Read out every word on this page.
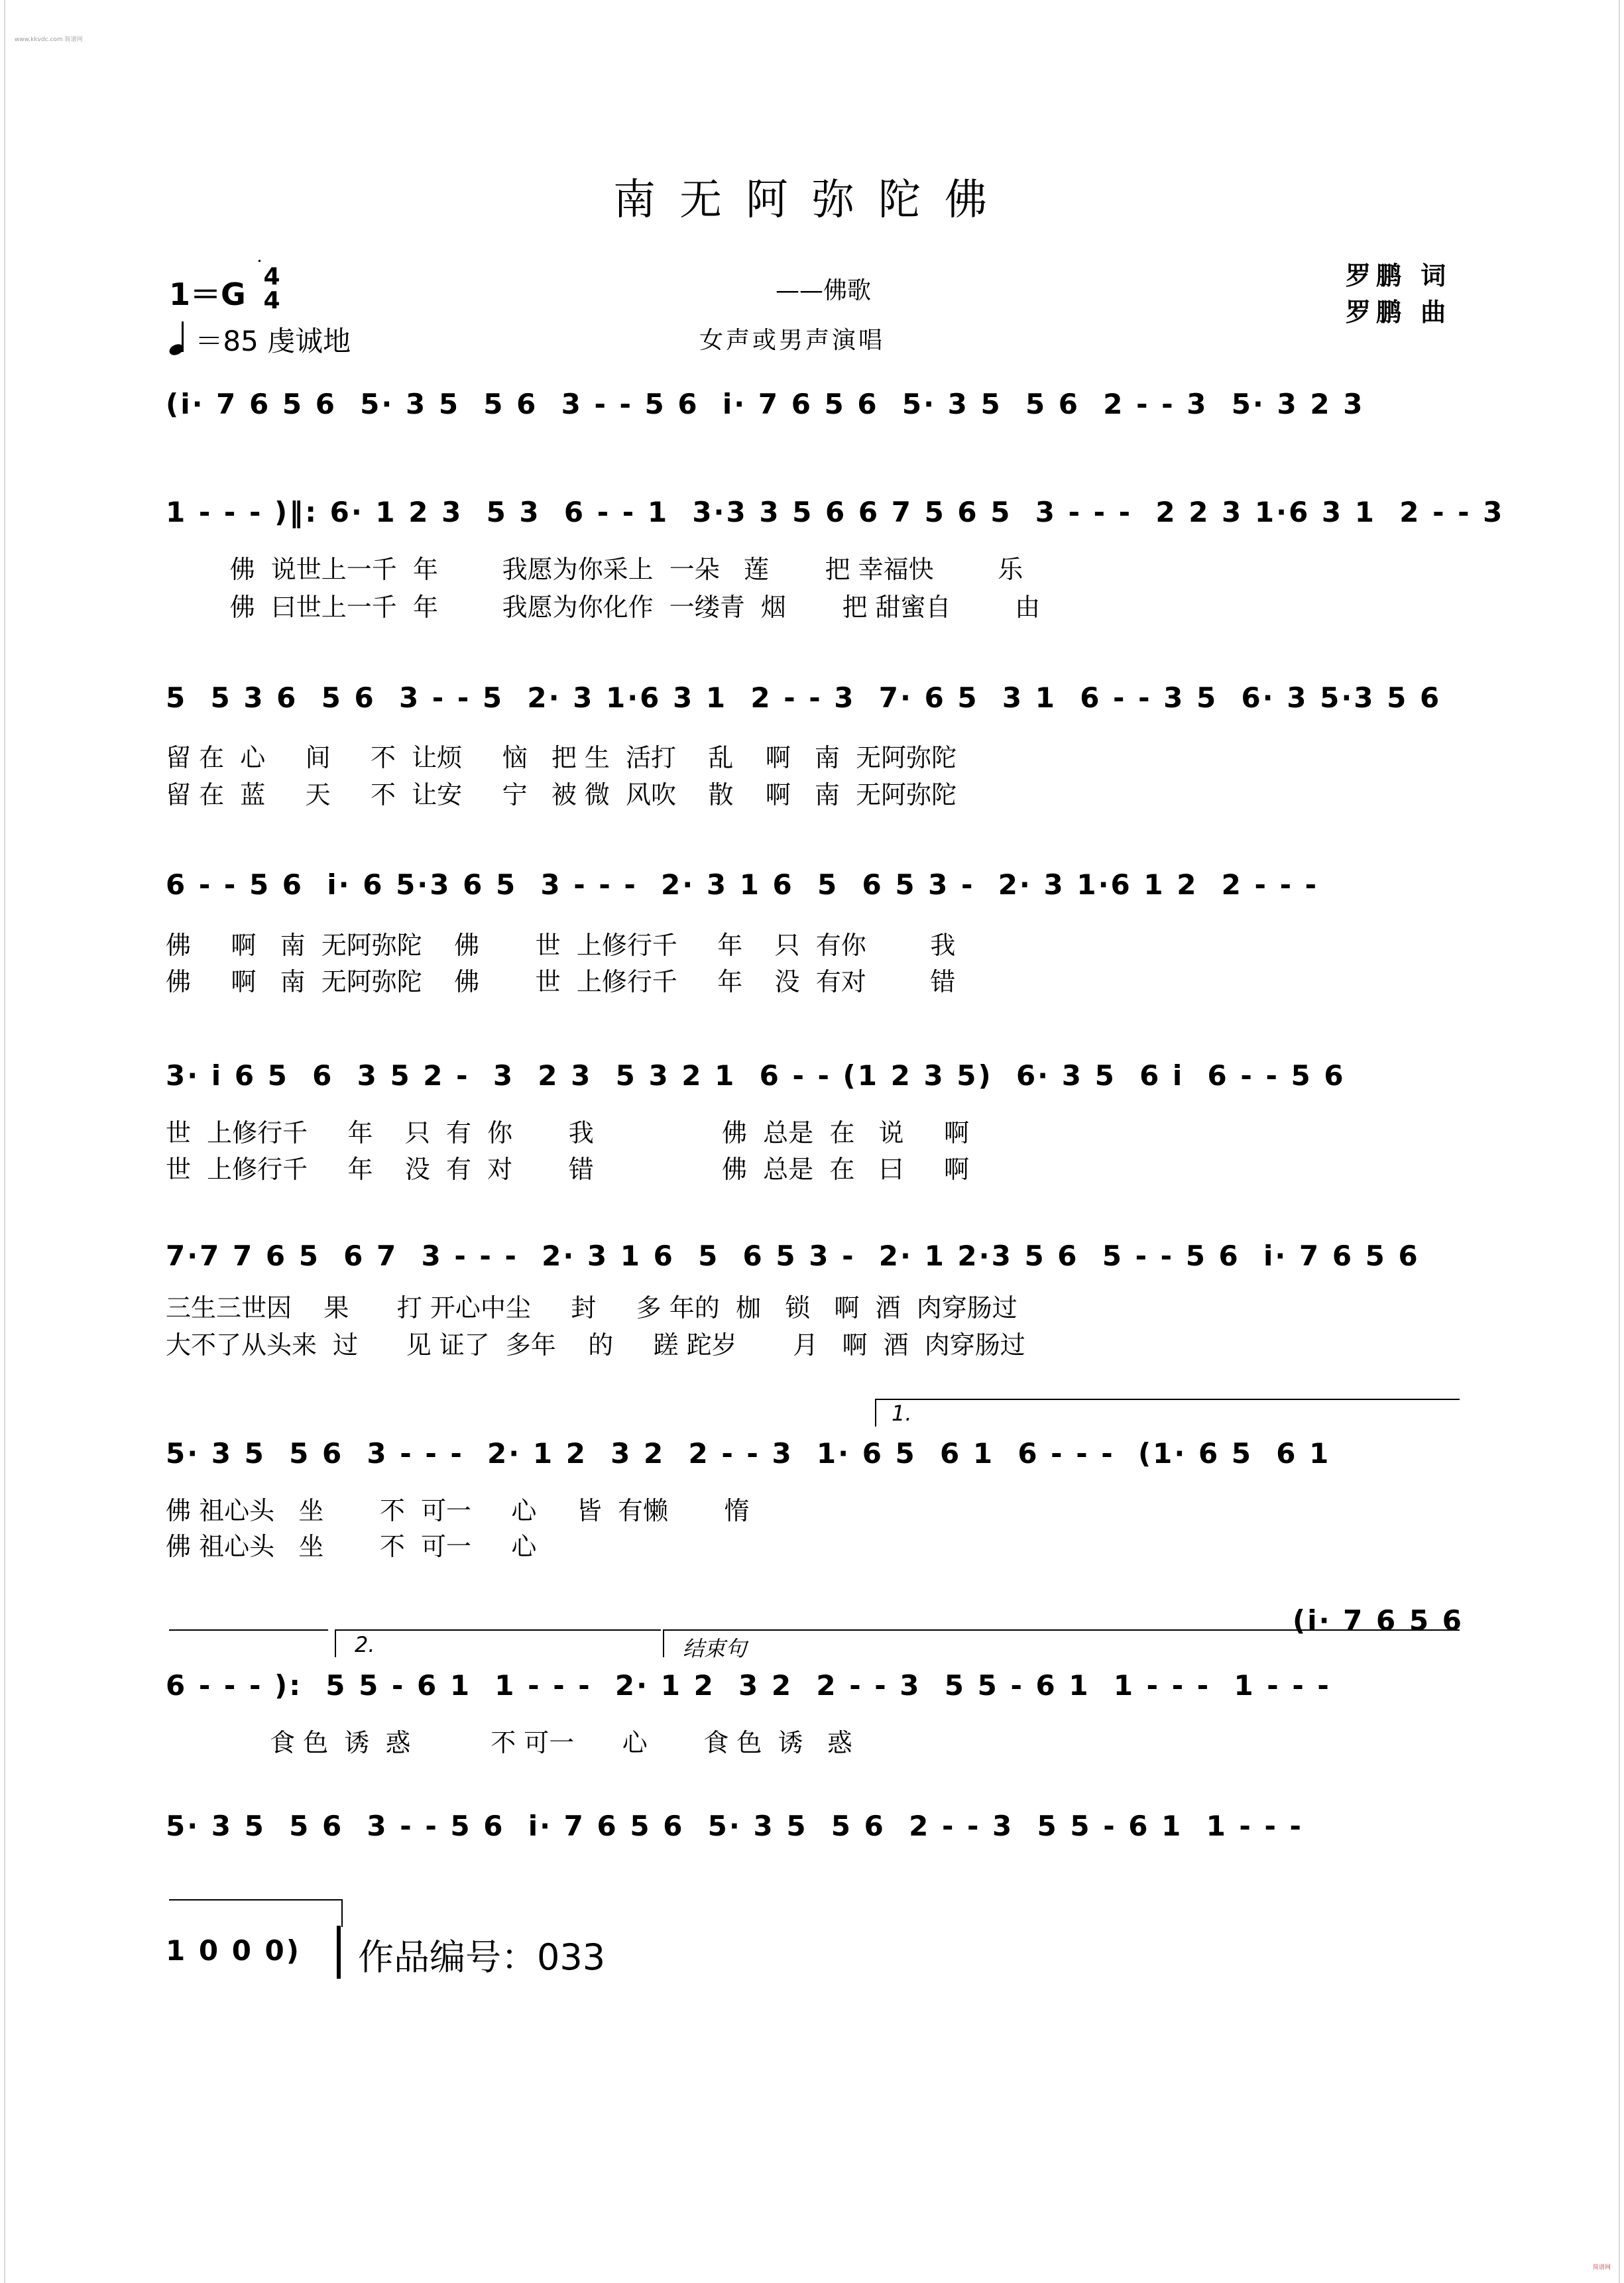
www.kkvdc.com 简谱网
南无阿弥陀佛
1＝G 4
4
＝85 虔诚地
——佛歌
女声或男声演唱
罗鹏 词
罗鹏 曲
(i· 7 6 5 6  5· 3 5  5 6  3 - - 5 6  i· 7 6 5 6  5· 3 5  5 6  2 - - 3  5· 3 2 3
1 - - - )‖: 6· 1 2 3  5 3  6 - - 1  3·3 3 5 6 6 7 5 6 5  3 - - -  2 2 3 1·6 3 1  2 - - 3
佛  说世上一千  年        我愿为你采上  一朵   莲       把 幸福快        乐
佛  曰世上一千  年        我愿为你化作  一缕青  烟       把 甜蜜自        由
5  5 3 6  5 6  3 - - 5  2· 3 1·6 3 1  2 - - 3  7· 6 5  3 1  6 - - 3 5  6· 3 5·3 5 6
留 在  心     间     不  让烦     恼   把 生  活打    乱    啊   南  无阿弥陀
留 在  蓝     天     不  让安     宁   被 微  风吹    散    啊   南  无阿弥陀
6 - - 5 6  i· 6 5·3 6 5  3 - - -  2· 3 1 6  5  6 5 3 -  2· 3 1·6 1 2  2 - - -
佛     啊   南  无阿弥陀    佛       世  上修行千     年    只  有你        我
佛     啊   南  无阿弥陀    佛       世  上修行千     年    没  有对        错
3· i 6 5  6  3 5 2 -  3  2 3  5 3 2 1  6 - - (1 2 3 5)  6· 3 5  6 i  6 - - 5 6
世  上修行千     年    只  有  你       我                佛  总是  在   说     啊
世  上修行千     年    没  有  对       错                佛  总是  在   曰     啊
7·7 7 6 5  6 7  3 - - -  2· 3 1 6  5  6 5 3 -  2· 1 2·3 5 6  5 - - 5 6  i· 7 6 5 6
三生三世因    果      打 开心中尘     封     多 年的  枷   锁   啊  酒  肉穿肠过
大不了从头来  过      见 证了  多年    的     蹉 跎岁       月   啊  酒  肉穿肠过
1.
5· 3 5  5 6  3 - - -  2· 1 2  3 2  2 - - 3  1· 6 5  6 1  6 - - -  (1· 6 5  6 1
佛 祖心头   坐       不  可一     心     皆  有懒       惰
佛 祖心头   坐       不  可一     心
(i· 7 6 5 6
2.	结束句
6 - - - ):  5 5 - 6 1  1 - - -  2· 1 2  3 2  2 - - 3  5 5 - 6 1  1 - - -  1 - - -
食 色  诱  惑          不 可一      心       食 色  诱   惑
5· 3 5  5 6  3 - - 5 6  i· 7 6 5 6  5· 3 5  5 6  2 - - 3  5 5 - 6 1  1 - - -
1 0 0 0) 作品编号：033
简谱网
